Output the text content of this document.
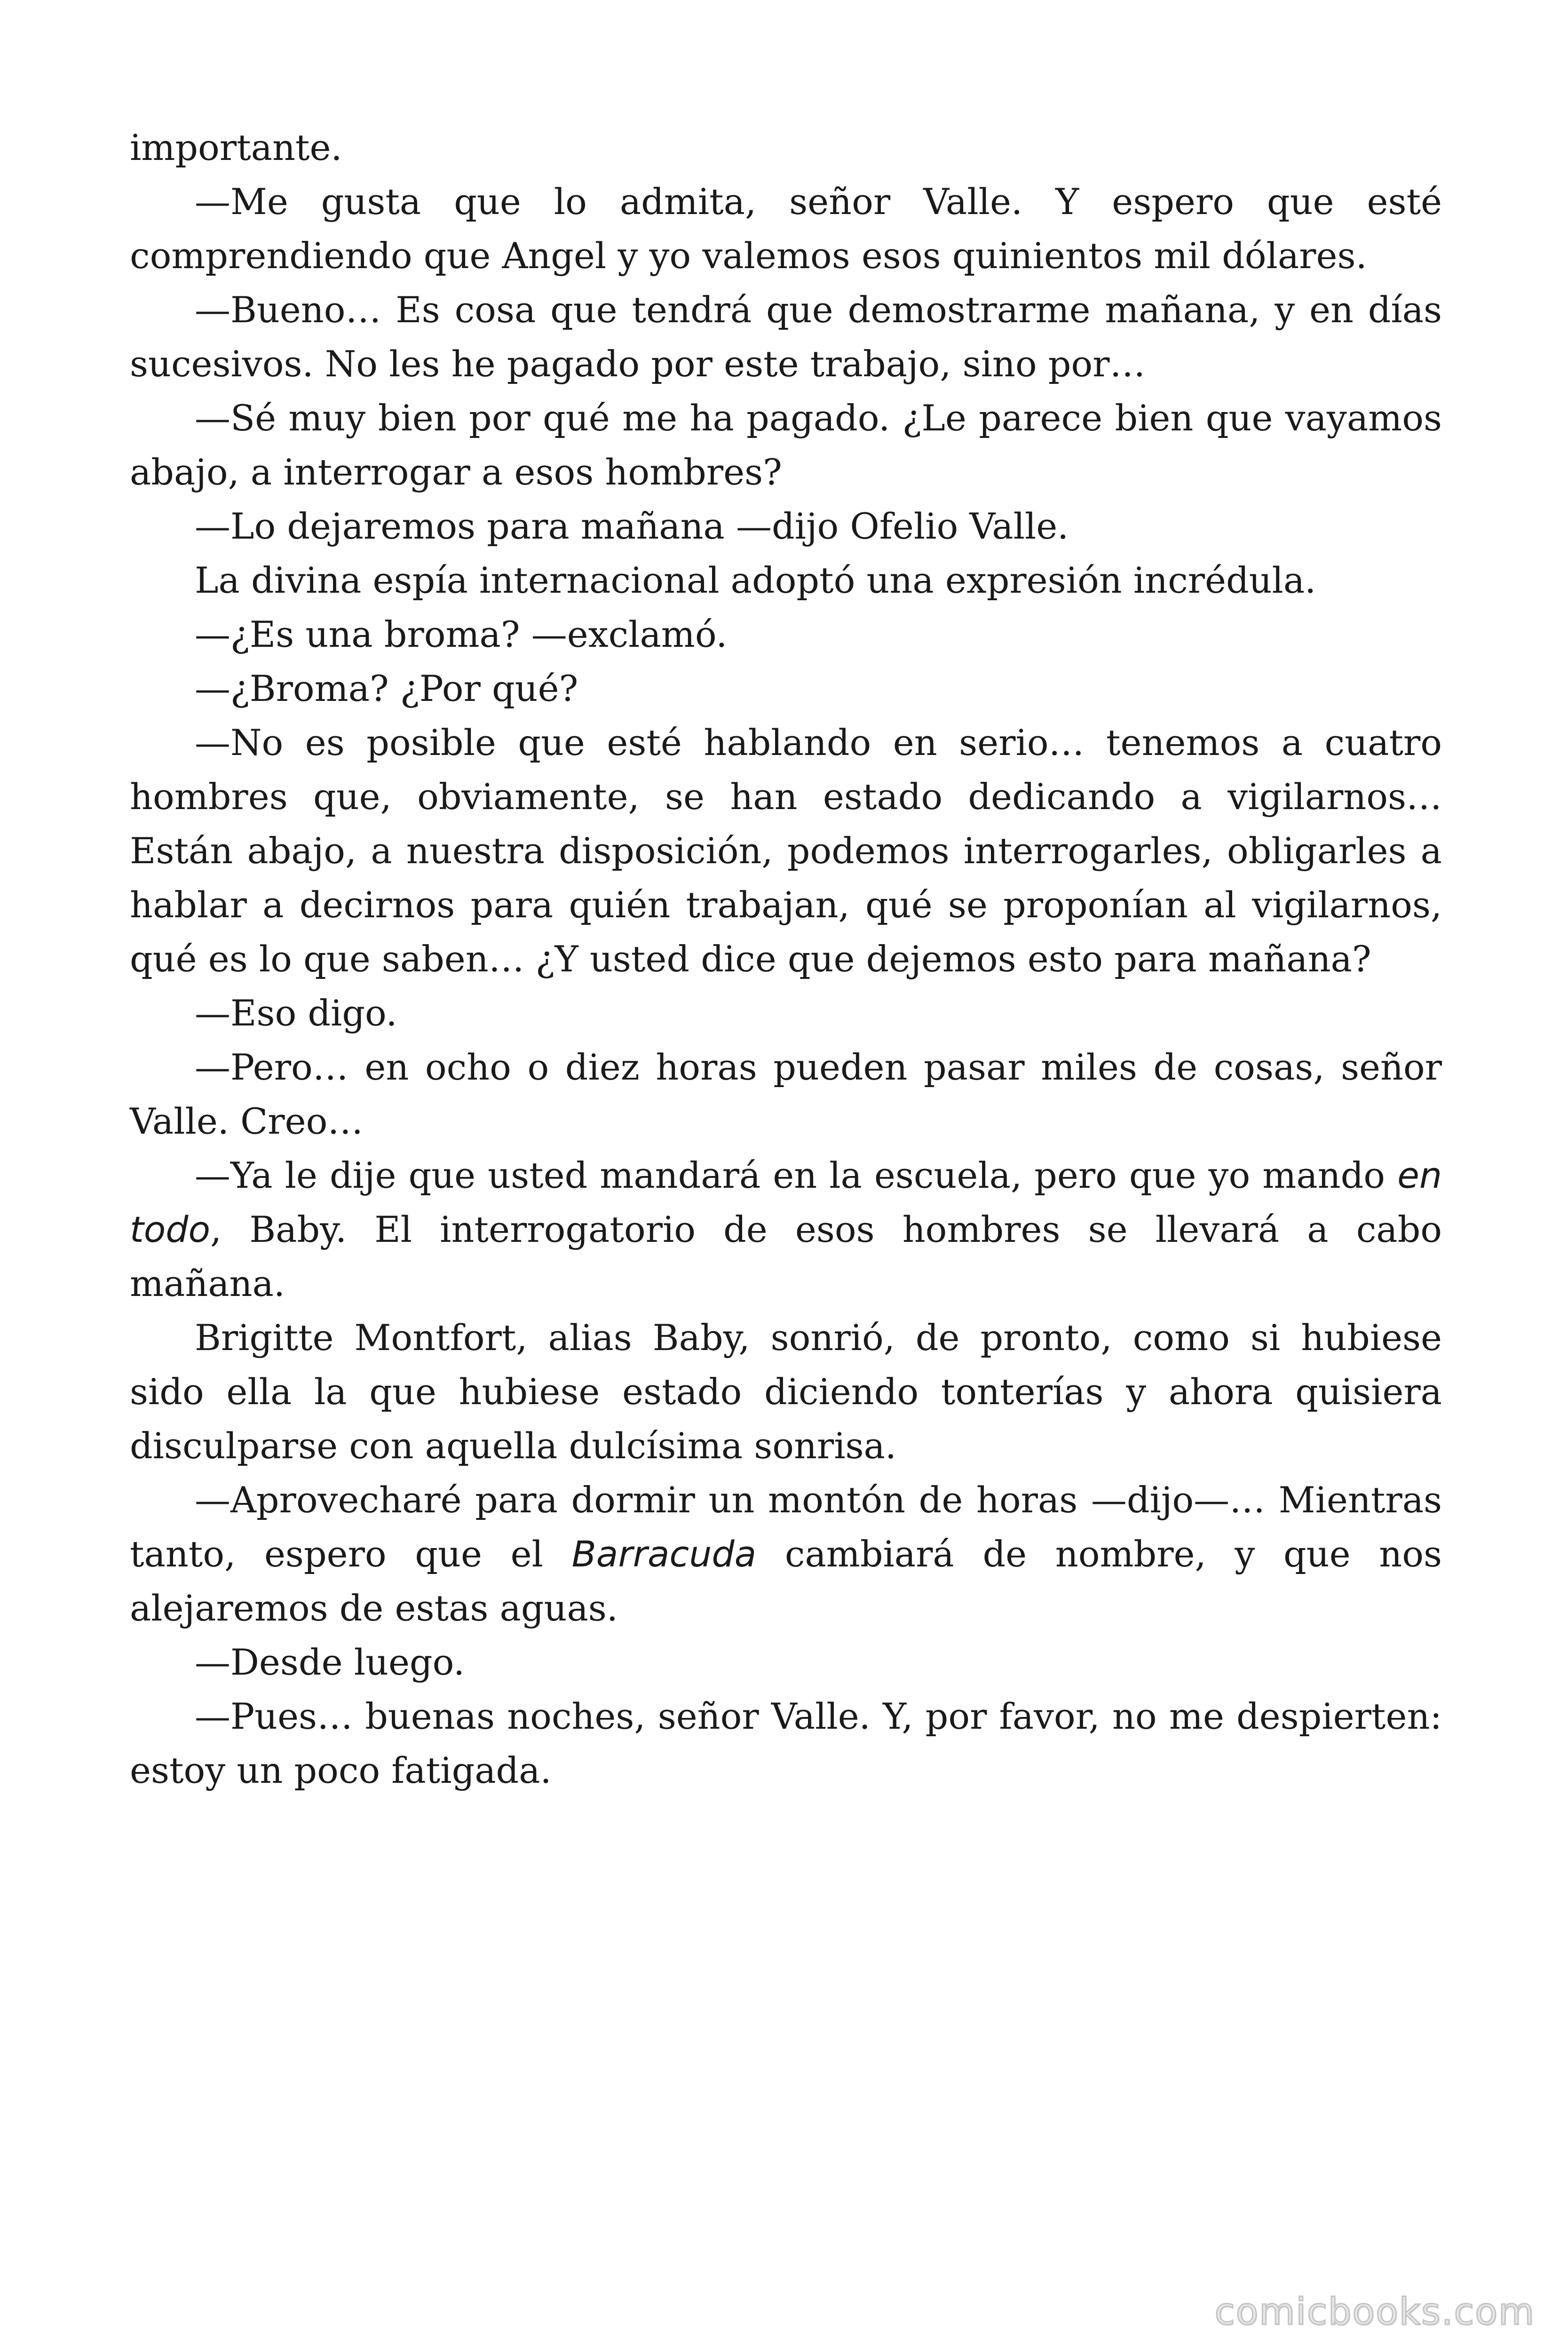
importante.

—Me gusta que lo admita, señor Valle. Y espero que esté comprendiendo que Angel y yo valemos esos quinientos mil dólares.

—Bueno… Es cosa que tendrá que demostrarme mañana, y en días sucesivos. No les he pagado por este trabajo, sino por…

—Sé muy bien por qué me ha pagado. ¿Le parece bien que vayamos abajo, a interrogar a esos hombres?

—Lo dejaremos para mañana —dijo Ofelio Valle.

La divina espía internacional adoptó una expresión incrédula.

—¿Es una broma? —exclamó.

—¿Broma? ¿Por qué?

—No es posible que esté hablando en serio… tenemos a cuatro hombres que, obviamente, se han estado dedicando a vigilarnos… Están abajo, a nuestra disposición, podemos interrogarles, obligarles a hablar a decirnos para quién trabajan, qué se proponían al vigilarnos, qué es lo que saben… ¿Y usted dice que dejemos esto para mañana?

—Eso digo.

—Pero… en ocho o diez horas pueden pasar miles de cosas, señor Valle. Creo…

—Ya le dije que usted mandará en la escuela, pero que yo mando en todo, Baby. El interrogatorio de esos hombres se llevará a cabo mañana.

Brigitte Montfort, alias Baby, sonrió, de pronto, como si hubiese sido ella la que hubiese estado diciendo tonterías y ahora quisiera disculparse con aquella dulcísima sonrisa.

—Aprovecharé para dormir un montón de horas —dijo—… Mientras tanto, espero que el Barracuda cambiará de nombre, y que nos alejaremos de estas aguas.

—Desde luego.

—Pues… buenas noches, señor Valle. Y, por favor, no me despierten: estoy un poco fatigada.

comicbooks.com
